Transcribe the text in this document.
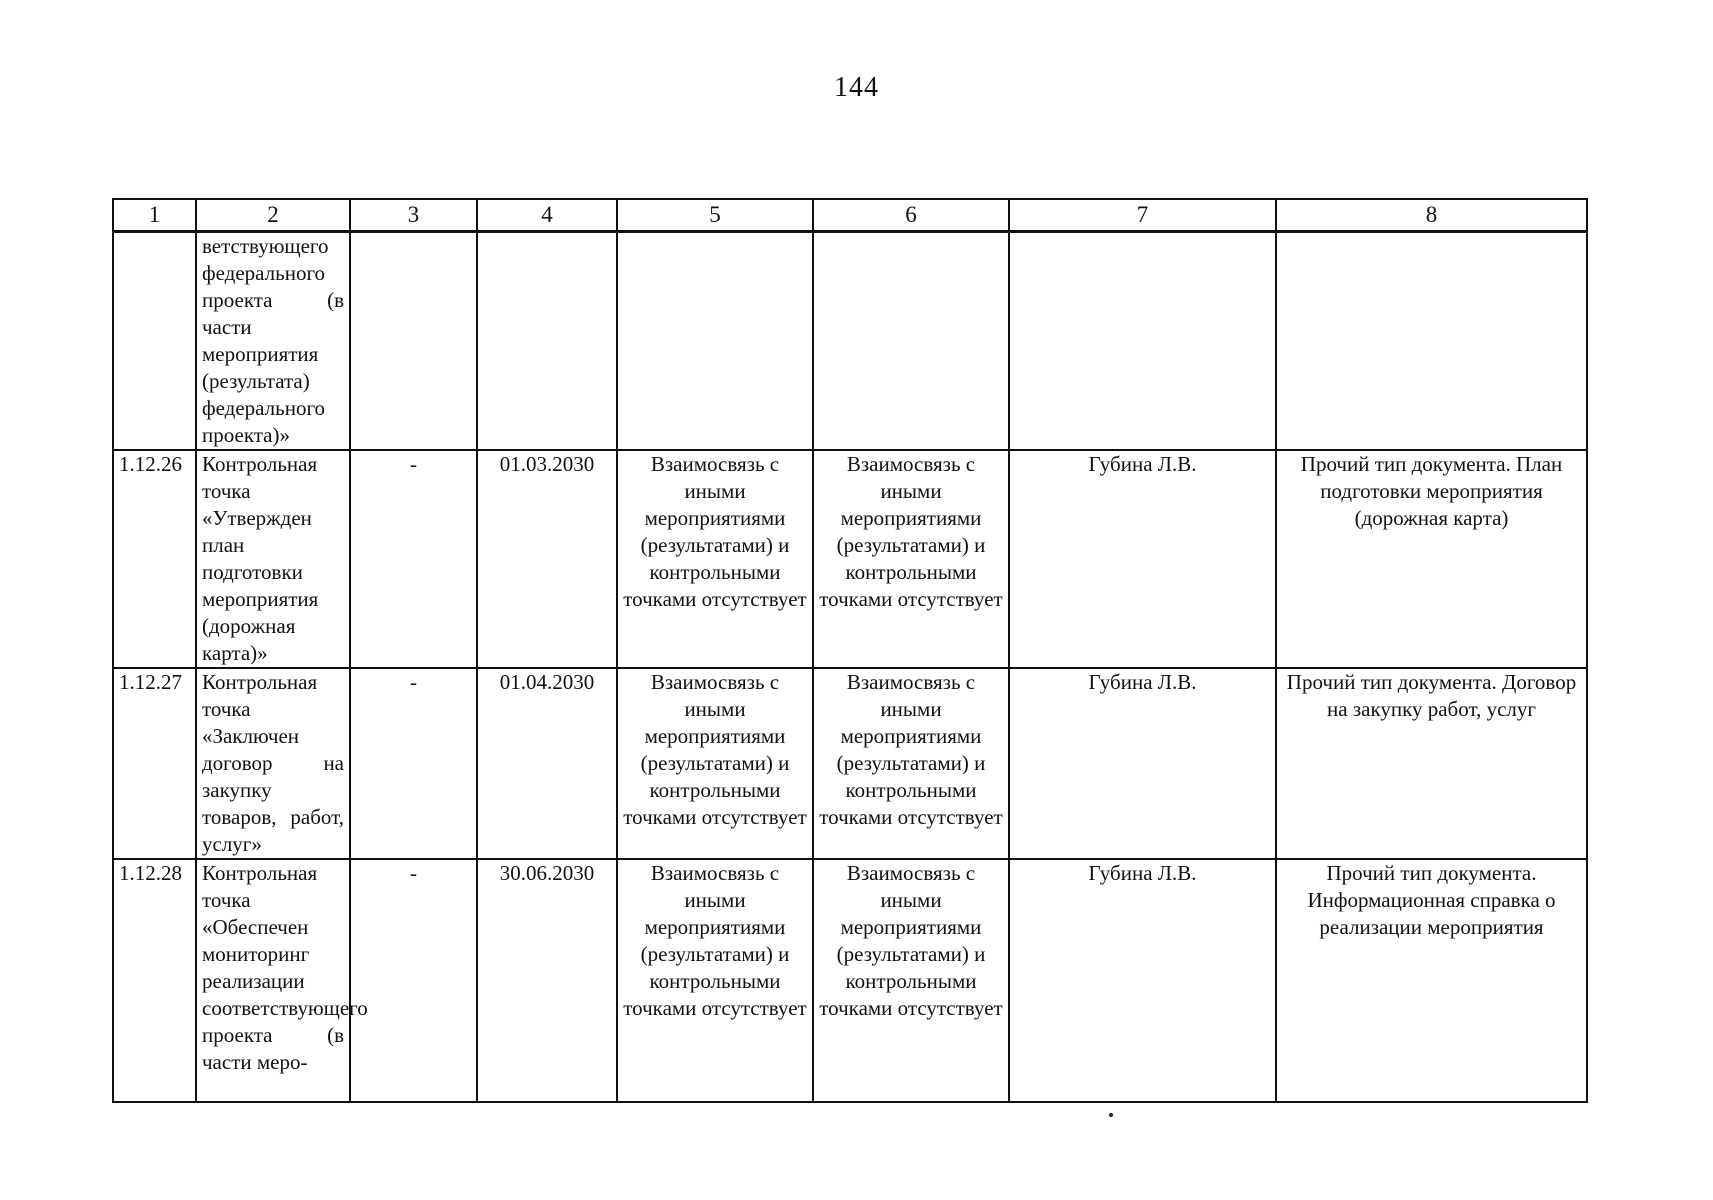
144
1	2	3	4	5	6	7	8
	ветствующего федерального проекта (в части мероприятия (результата) федерального проекта)»						
1.12.26	Контрольная точка «Утвержден план подготовки мероприятия (дорожная карта)»	-	01.03.2030	Взаимосвязь с иными мероприятиями (результатами) и контрольными точками отсутствует	Взаимосвязь с иными мероприятиями (результатами) и контрольными точками отсутствует	Губина Л.В.	Прочий тип документа. План подготовки мероприятия (дорожная карта)
1.12.27	Контрольная точка «Заключен договор на закупку товаров, работ, услуг»	-	01.04.2030	Взаимосвязь с иными мероприятиями (результатами) и контрольными точками отсутствует	Взаимосвязь с иными мероприятиями (результатами) и контрольными точками отсутствует	Губина Л.В.	Прочий тип документа. Договор на закупку работ, услуг
1.12.28	Контрольная точка «Обеспечен мониторинг реализации соответствующего проекта (в части меро-	-	30.06.2030	Взаимосвязь с иными мероприятиями (результатами) и контрольными точками отсутствует	Взаимосвязь с иными мероприятиями (результатами) и контрольными точками отсутствует	Губина Л.В.	Прочий тип документа. Информационная справка о реализации мероприятия
